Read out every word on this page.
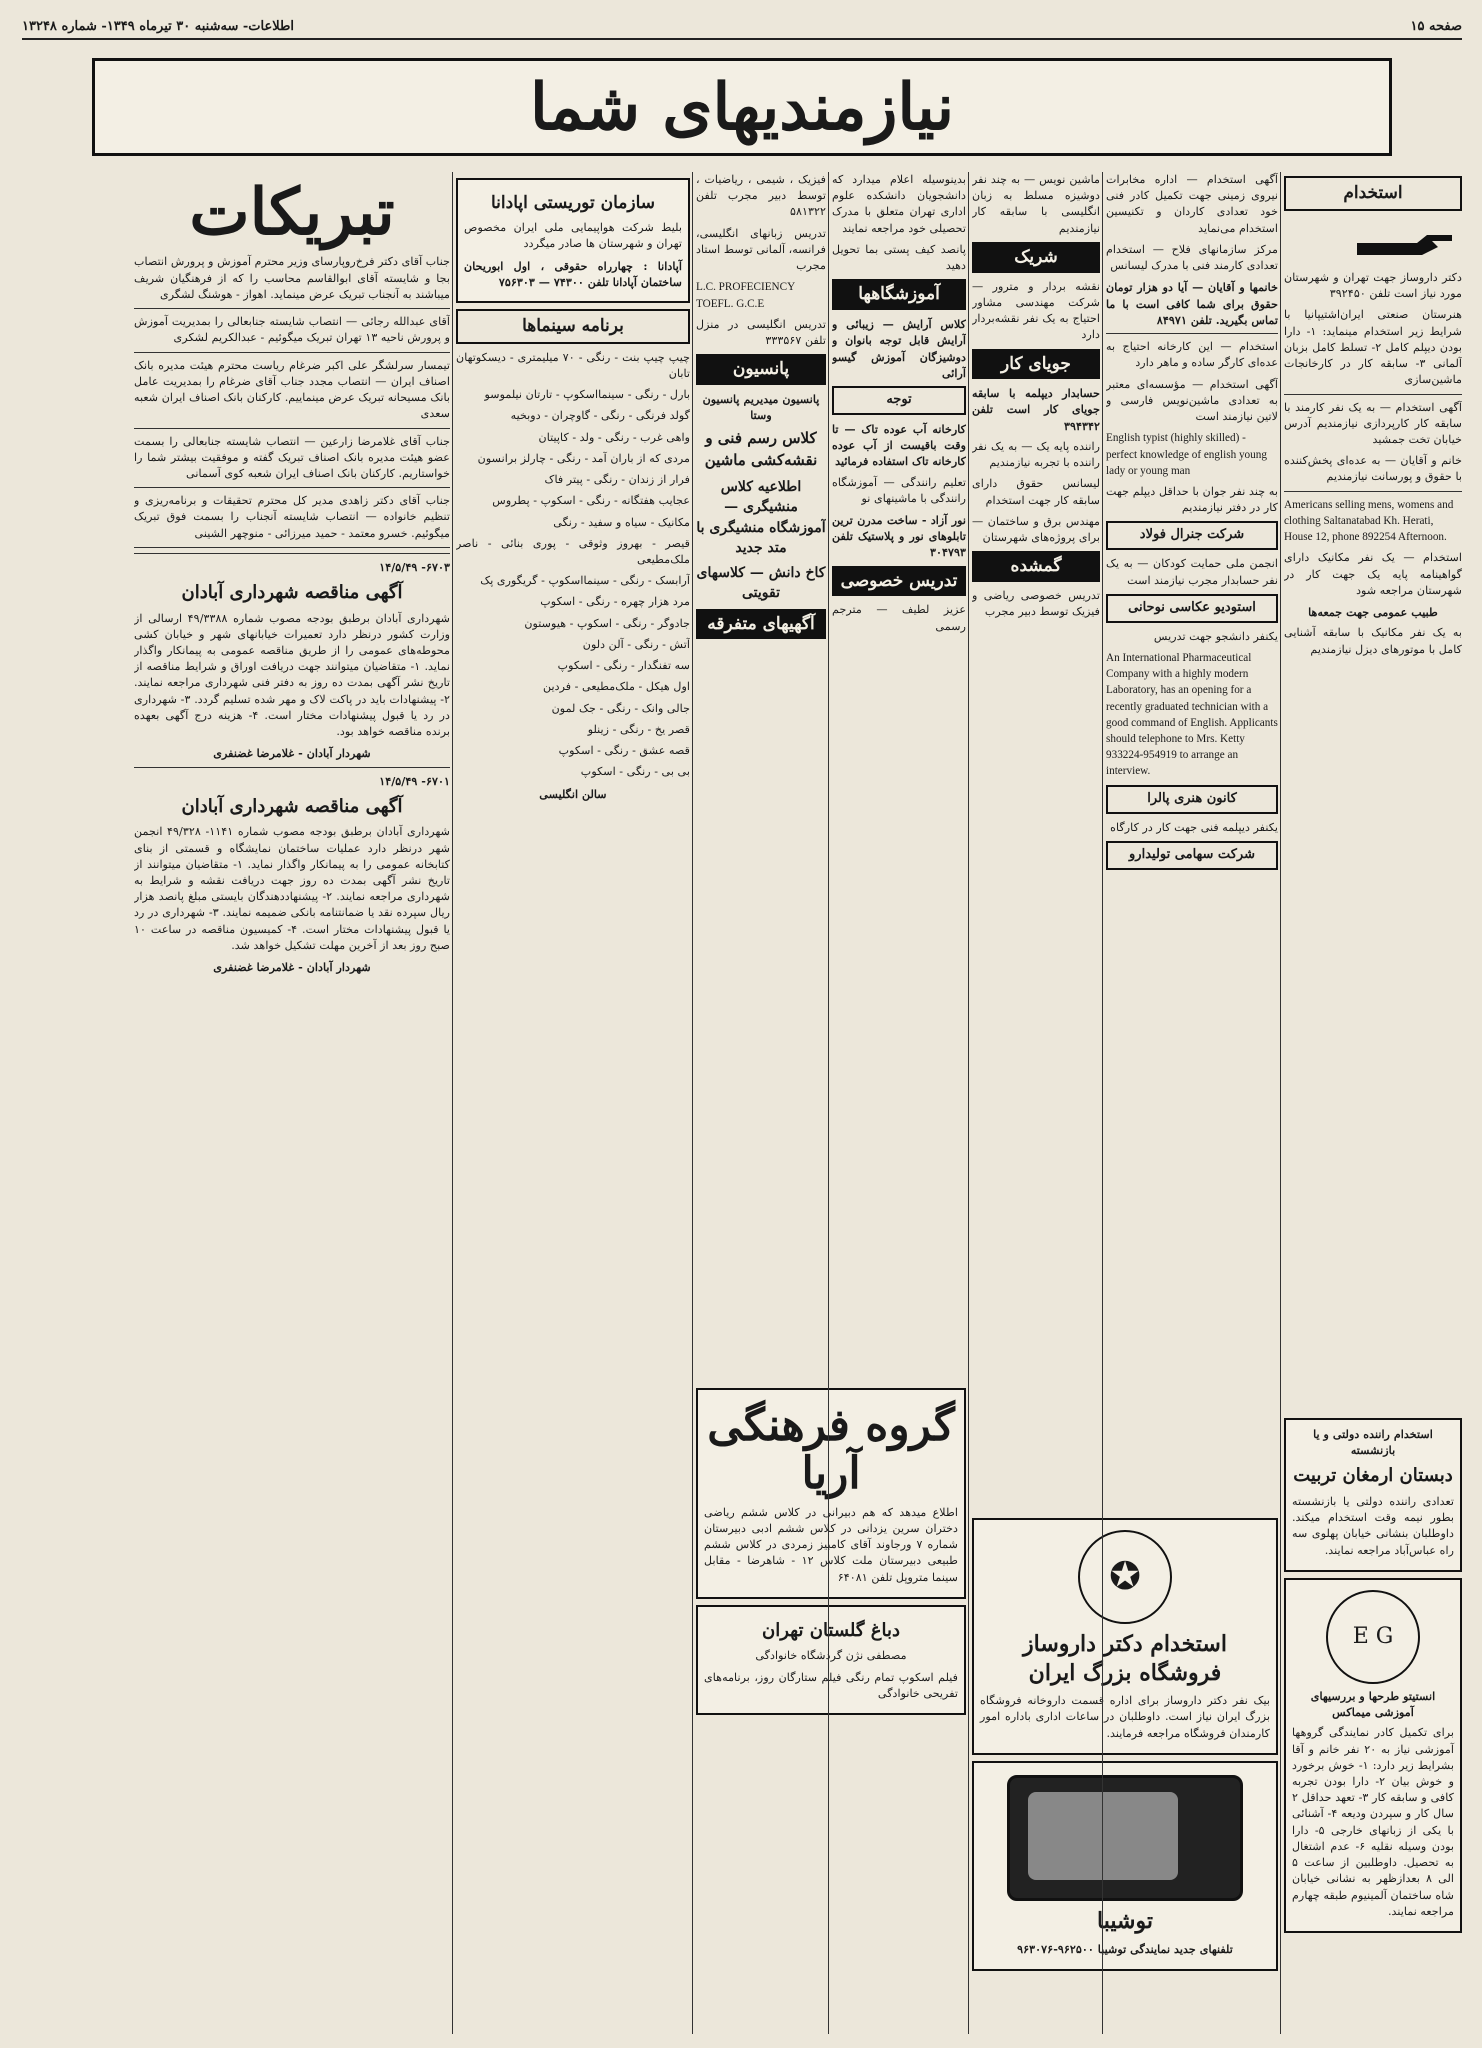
صفحه ۱۵
اطلاعات- سه‌شنبه ۳۰ تیرماه ۱۳۴۹- شماره ۱۳۲۴۸
نیازمندیهای شما
استخدام

دکتر داروساز جهت تهران و شهرستان مورد نیاز است تلفن ۳۹۲۴۵۰

هنرستان صنعتی ایران‌اشتیپانیا با شرایط زیر استخدام مینماید: ۱- دارا بودن دیپلم کامل ۲- تسلط کامل بزبان آلمانی ۳- سابقه کار در کارخانجات ماشین‌سازی

آگهی استخدام — به یک نفر کارمند با سابقه کار کارپردازی نیازمندیم آدرس خیابان تخت جمشید

خانم و آقایان — به عده‌ای پخش‌کننده با حقوق و پورسانت نیازمندیم

Americans selling mens, womens and clothing Saltanatabad Kh. Herati, House 12, phone 892254 Afternoon.

استخدام — یک نفر مکانیک دارای گواهینامه پایه یک جهت کار در شهرستان مراجعه شود

طبیب عمومی جهت جمعه‌ها

به یک نفر مکانیک با سابقه آشنایی کامل با موتورهای دیزل نیازمندیم

آگهی استخدام — اداره مخابرات نیروی زمینی جهت تکمیل کادر فنی خود تعدادی کاردان و تکنیسین استخدام می‌نماید

مرکز سازمانهای فلاح — استخدام تعدادی کارمند فنی با مدرک لیسانس

خانمها و آقایان — آیا دو هزار تومان حقوق برای شما کافی است با ما تماس بگیرید. تلفن ۸۴۹۷۱

استخدام — این کارخانه احتیاج به عده‌ای کارگر ساده و ماهر دارد

آگهی استخدام — مؤسسه‌ای معتبر به تعدادی ماشین‌نویس فارسی و لاتین نیازمند است

English typist (highly skilled) - perfect knowledge of english young lady or young man

به چند نفر جوان با حداقل دیپلم جهت کار در دفتر نیازمندیم

شرکت جنرال فولاد

انجمن ملی حمایت کودکان — به یک نفر حسابدار مجرب نیازمند است

استودیو عکاسی نوحانی

یکنفر دانشجو جهت تدریس

An International Pharmaceutical Company with a highly modern Laboratory, has an opening for a recently graduated technician with a good command of English. Applicants should telephone to Mrs. Ketty 933224-954919 to arrange an interview.

کانون هنری پالرا

یکنفر دیپلمه فنی جهت کار در کارگاه

شرکت سهامی تولیدارو

ماشین نویس — به چند نفر دوشیزه مسلط به زبان انگلیسی با سابقه کار نیازمندیم

شریک

نقشه بردار و مترور — شرکت مهندسی مشاور احتیاج به یک نفر نقشه‌بردار دارد

جویای کار

حسابدار دیپلمه با سابقه جویای کار است تلفن ۳۹۴۳۴۲

راننده پایه یک — به یک نفر راننده با تجربه نیازمندیم

لیسانس حقوق دارای سابقه کار جهت استخدام

مهندس برق و ساختمان — برای پروژه‌های شهرستان

گمشده

تدریس خصوصی ریاضی و فیزیک توسط دبیر مجرب

بدینوسیله اعلام میدارد که دانشجویان دانشکده علوم اداری تهران متعلق با مدرک تحصیلی خود مراجعه نمایند

پانصد کیف پستی بما تحویل دهید

آموزشگاهها

کلاس آرایش — زیبائی و آرایش قابل توجه بانوان و دوشیزگان آموزش گیسو آرائی

توجه

کارخانه آب عوده تاک — تا وقت باقیست از آب عوده کارخانه تاک استفاده فرمائید

تعلیم رانندگی — آموزشگاه رانندگی با ماشینهای نو

نور آزاد - ساخت مدرن ترین تابلوهای نور و پلاستیک تلفن ۳۰۴۷۹۳

تدریس خصوصی

عزیز لطیف — مترجم رسمی

فیزیک ، شیمی ، ریاضیات ، توسط دبیر مجرب تلفن ۵۸۱۳۲۲

تدریس زبانهای انگلیسی، فرانسه، آلمانی توسط استاد مجرب

L.C. PROFECIENCY TOEFL. G.C.E

تدریس انگلیسی در منزل تلفن ۳۳۳۵۶۷

پانسیون

پانسیون میدیریم پانسیون وستا

کلاس رسم فنی و نقشه‌کشی ماشین

اطلاعیه کلاس منشیگری — آموزشگاه منشیگری با متد جدید

کاخ دانش — کلاسهای تقویتی

آگهیهای متفرقه
گروه فرهنگی آریا

اطلاع میدهد که هم دبیرانی در کلاس ششم ریاضی دختران سرین یزدانی در کلاس ششم ادبی دبیرستان شماره ۷ ورجاوند آقای کامبیز زمردی در کلاس ششم طبیعی دبیرستان ملت کلاس ۱۲ - شاهرضا - مقابل سینما متروپل تلفن ۶۴۰۸۱

دباغ گلستان تهران

مصطفی نژن گردشگاه خانوادگی

فیلم اسکوپ تمام رنگی فیلم ستارگان روز، برنامه‌های تفریحی خانوادگی

✪
استخدام دکتر داروساز فروشگاه بزرگ ایران

بیک نفر دکتر داروساز برای اداره قسمت داروخانه فروشگاه بزرگ ایران نیاز است. داوطلبان در ساعات اداری باداره امور کارمندان فروشگاه مراجعه فرمایند.

توشیبا

تلفنهای جدید نمایندگی توشیبا ۹۶۲۵۰۰-۹۶۳۰۷۶

استخدام راننده دولتی و یا بازنشسته

دبستان ارمغان تربیت

تعدادی راننده دولتی یا بازنشسته بطور نیمه وقت استخدام میکند. داوطلبان بنشانی خیابان پهلوی سه راه عباس‌آباد مراجعه نمایند.

E G

انستیتو طرحها و بررسیهای آموزشی میماکس

برای تکمیل کادر نمایندگی گروهها آموزشی نیاز به ۲۰ نفر خانم و آقا بشرایط زیر دارد: ۱- خوش برخورد و خوش بیان ۲- دارا بودن تجربه کافی و سابقه کار ۳- تعهد حداقل ۲ سال کار و سپردن ودیعه ۴- آشنائی با یکی از زبانهای خارجی ۵- دارا بودن وسیله نقلیه ۶- عدم اشتغال به تحصیل. داوطلبین از ساعت ۵ الی ۸ بعدازظهر به نشانی خیابان شاه ساختمان آلمینیوم طبقه چهارم مراجعه نمایند.

سازمان توریستی اپادانا

بلیط شرکت هواپیمایی ملی ایران مخصوص تهران و شهرستان ها صادر میگردد

آپادانا : چهارراه حقوقی ، اول ابوریحان ساختمان آپادانا تلفن ۷۴۳۰۰ — ۷۵۶۳۰۳

برنامه سینماها

چیپ چیپ بنت - رنگی - ۷۰ میلیمتری - دیسکوتهان تابان

بارل - رنگی - سینمااسکوپ - تارتان نیلموسو

گولد فرنگی - رنگی - گاوچران - دوبخیه

واهی غرب - رنگی - ولد - کاپیتان

مردی که از باران آمد - رنگی - چارلز برانسون

فرار از زندان - رنگی - پیتر فاک

عجایب هفتگانه - رنگی - اسکوپ - پطروس

مکانیک - سیاه و سفید - رنگی

قیصر - بهروز وثوقی - پوری بنائی - ناصر ملک‌مطیعی

آرابسک - رنگی - سینمااسکوپ - گریگوری پک

مرد هزار چهره - رنگی - اسکوپ

جادوگر - رنگی - اسکوپ - هیوستون

آتش - رنگی - آلن دلون

سه تفنگدار - رنگی - اسکوپ

اول هیکل - ملک‌مطیعی - فردین

جالی وانک - رنگی - جک لمون

قصر یخ - رنگی - زینلو

قصه عشق - رنگی - اسکوپ

بی بی - رنگی - اسکوپ

سالن انگلیسی

تبریکات

جناب آقای دکتر فرخ‌روپارسای وزیر محترم آموزش و پرورش انتصاب بجا و شایسته آقای ابوالقاسم محاسب را که از فرهنگیان شریف میباشند به آنجناب تبریک عرض مینماید. اهواز - هوشنگ لشگری

آقای عبدالله رجائی — انتصاب شایسته جنابعالی را بمدیریت آموزش و پرورش ناحیه ۱۳ تهران تبریک میگوئیم - عبدالکریم لشکری

تیمسار سرلشگر علی اکبر ضرغام ریاست محترم هیئت مدیره بانک اصناف ایران — انتصاب مجدد جناب آقای ضرغام را بمدیریت عامل بانک مسیحانه تبریک عرض مینماییم. کارکنان بانک اصناف ایران شعبه سعدی

جناب آقای غلامرضا زارعین — انتصاب شایسته جنابعالی را بسمت عضو هیئت مدیره بانک اصناف تبریک گفته و موفقیت بیشتر شما را خواستاریم. کارکنان بانک اصناف ایران شعبه کوی آسمانی

جناب آقای دکتر زاهدی مدیر کل محترم تحقیقات و برنامه‌ریزی و تنظیم خانواده — انتصاب شایسته آنجناب را بسمت فوق تبریک میگوئیم. خسرو معتمد - حمید میرزائی - منوچهر الشینی

۶۷۰۳- ۱۴/۵/۴۹

آگهی مناقصه شهرداری آبادان

شهرداری آبادان برطبق بودجه مصوب شماره ۴۹/۳۳۸۸ ارسالی از وزارت کشور درنظر دارد تعمیرات خیابانهای شهر و خیابان کشی محوطه‌های عمومی را از طریق مناقصه عمومی به پیمانکار واگذار نماید. ۱- متقاضیان میتوانند جهت دریافت اوراق و شرایط مناقصه از تاریخ نشر آگهی بمدت ده روز به دفتر فنی شهرداری مراجعه نمایند. ۲- پیشنهادات باید در پاکت لاک و مهر شده تسلیم گردد. ۳- شهرداری در رد یا قبول پیشنهادات مختار است. ۴- هزینه درج آگهی بعهده برنده مناقصه خواهد بود.

شهردار آبادان - غلامرضا غضنفری

۶۷۰۱- ۱۴/۵/۴۹

آگهی مناقصه شهرداری آبادان

شهرداری آبادان برطبق بودجه مصوب شماره ۱۱۴۱- ۴۹/۳۲۸ انجمن شهر درنظر دارد عملیات ساختمان نمایشگاه و قسمتی از بنای کتابخانه عمومی را به پیمانکار واگذار نماید. ۱- متقاضیان میتوانند از تاریخ نشر آگهی بمدت ده روز جهت دریافت نقشه و شرایط به شهرداری مراجعه نمایند. ۲- پیشنهاددهندگان بایستی مبلغ پانصد هزار ریال سپرده نقد یا ضمانتنامه بانکی ضمیمه نمایند. ۳- شهرداری در رد یا قبول پیشنهادات مختار است. ۴- کمیسیون مناقصه در ساعت ۱۰ صبح روز بعد از آخرین مهلت تشکیل خواهد شد.

شهردار آبادان - غلامرضا غضنفری
